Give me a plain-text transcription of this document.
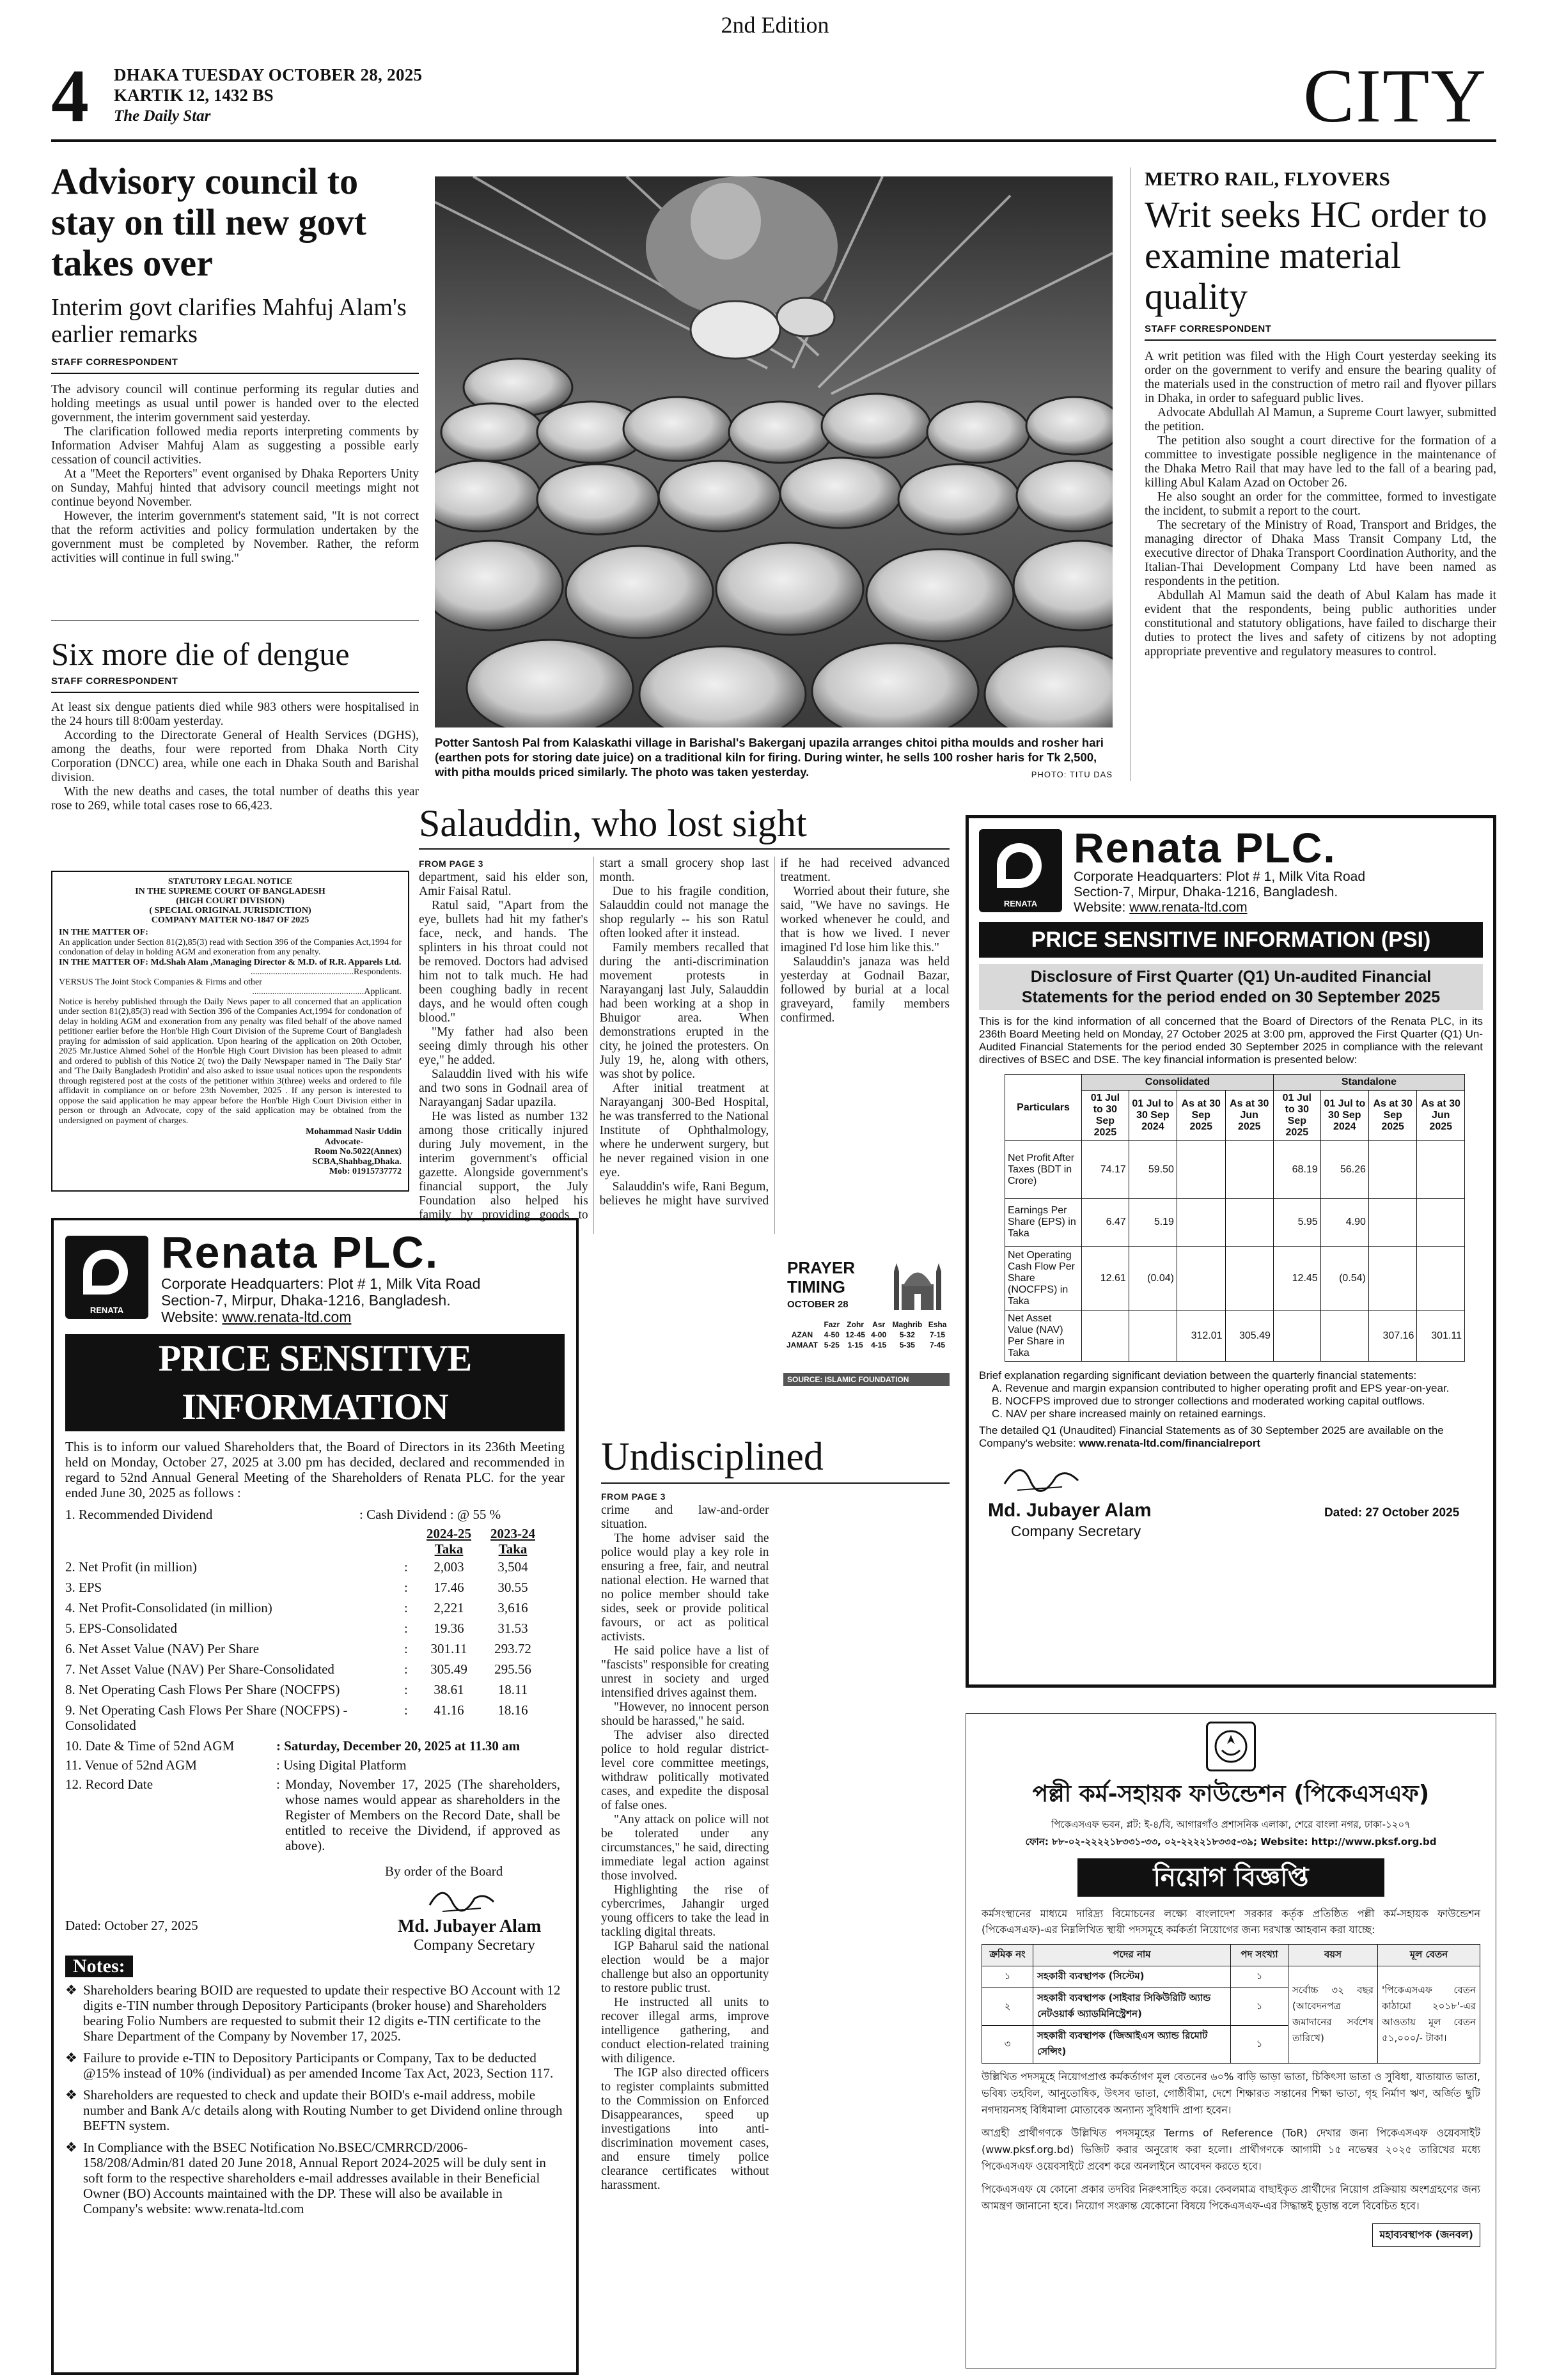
2nd Edition
4 DHAKA TUESDAY OCTOBER 28, 2025
KARTIK 12, 1432 BS
The Daily Star	CITY
Advisory council to stay on till new govt takes over
Interim govt clarifies Mahfuj Alam's earlier remarks
STAFF CORRESPONDENT

The advisory council will continue performing its regular duties and holding meetings as usual until power is handed over to the elected government, the interim government said yesterday.

The clarification followed media reports interpreting comments by Information Adviser Mahfuj Alam as suggesting a possible early cessation of council activities.

At a "Meet the Reporters" event organised by Dhaka Reporters Unity on Sunday, Mahfuj hinted that advisory council meetings might not continue beyond November.

However, the interim government's statement said, "It is not correct that the reform activities and policy formulation undertaken by the government must be completed by November. Rather, the reform activities will continue in full swing."

Six more die of dengue
STAFF CORRESPONDENT

At least six dengue patients died while 983 others were hospitalised in the 24 hours till 8:00am yesterday.

According to the Directorate General of Health Services (DGHS), among the deaths, four were reported from Dhaka North City Corporation (DNCC) area, while one each in Dhaka South and Barishal division.

With the new deaths and cases, the total number of deaths this year rose to 269, while total cases rose to 66,423.

Potter Santosh Pal from Kalaskathi village in Barishal's Bakerganj upazila arranges chitoi pitha moulds and rosher hari (earthen pots for storing date juice) on a traditional kiln for firing. During winter, he sells 100 rosher haris for Tk 2,500, with pitha moulds priced similarly. The photo was taken yesterday.	PHOTO: TITU DAS
METRO RAIL, FLYOVERS
Writ seeks HC order to examine material quality
STAFF CORRESPONDENT

A writ petition was filed with the High Court yesterday seeking its order on the government to verify and ensure the bearing quality of the materials used in the construction of metro rail and flyover pillars in Dhaka, in order to safeguard public lives.

Advocate Abdullah Al Mamun, a Supreme Court lawyer, submitted the petition.

The petition also sought a court directive for the formation of a committee to investigate possible negligence in the maintenance of the Dhaka Metro Rail that may have led to the fall of a bearing pad, killing Abul Kalam Azad on October 26.

He also sought an order for the committee, formed to investigate the incident, to submit a report to the court.

The secretary of the Ministry of Road, Transport and Bridges, the managing director of Dhaka Mass Transit Company Ltd, the executive director of Dhaka Transport Coordination Authority, and the Italian-Thai Development Company Ltd have been named as respondents in the petition.

Abdullah Al Mamun said the death of Abul Kalam has made it evident that the respondents, being public authorities under constitutional and statutory obligations, have failed to discharge their duties to protect the lives and safety of citizens by not adopting appropriate preventive and regulatory measures to control.

STATUTORY LEGAL NOTICE
IN THE SUPREME COURT OF BANGLADESH
(HIGH COURT DIVISION)
( SPECIAL ORIGINAL JURISDICTION)
COMPANY MATTER NO-1847 OF 2025
IN THE MATTER OF:
An application under Section 81(2),85(3) read with Section 396 of the Companies Act,1994 for condonation of delay in holding AGM and exoneration from any penalty.
IN THE MATTER OF: Md.Shah Alam ,Managing Director & M.D. of R.R. Apparels Ltd.
..............................................Respondents.
VERSUS The Joint Stock Companies & Firms and other
..................................................Applicant.
Notice is hereby published through the Daily News paper to all concerned that an application under section 81(2),85(3) read with Section 396 of the Companies Act,1994 for condonation of delay in holding AGM and exoneration from any penalty was filed behalf of the above named petitioner earlier before the Hon'ble High Court Division of the Supreme Court of Bangladesh praying for admission of said application. Upon hearing of the application on 20th October, 2025 Mr.Justice Ahmed Sohel of the Hon'ble High Court Division has been pleased to admit and ordered to publish of this Notice 2( two) the Daily Newspaper named in 'The Daily Star' and 'The Daily Bangladesh Protidin' and also asked to issue usual notices upon the respondents through registered post at the costs of the petitioner within 3(three) weeks and ordered to file affidavit in compliance on or before 23th November, 2025 . If any person is interested to oppose the said application he may appear before the Hon'ble High Court Division either in person or through an Advocate, copy of the said application may be obtained from the undersigned on payment of charges.
Mohammad Nasir Uddin
Advocate-
Room No.5022(Annex)
SCBA,Shahbag,Dhaka.
Mob: 01915737772
Salauddin, who lost sight

FROM PAGE 3

department, said his elder son, Amir Faisal Ratul.

Ratul said, "Apart from the eye, bullets had hit my father's face, neck, and hands. The splinters in his throat could not be removed. Doctors had advised him not to talk much. He had been coughing badly in recent days, and he would often cough blood."

"My father had also been seeing dimly through his other eye," he added.

Salauddin lived with his wife and two sons in Godnail area of Narayanganj Sadar upazila.

He was listed as number 132 among those critically injured during July movement, in the interim government's official gazette. Alongside government's financial support, the July Foundation also helped his family by providing goods to start a small grocery shop last month.

Due to his fragile condition, Salauddin could not manage the shop regularly -- his son Ratul often looked after it instead.

Family members recalled that during the anti-discrimination movement protests in Narayanganj last July, Salauddin had been working at a shop in Bhuigor area. When demonstrations erupted in the city, he joined the protesters. On July 19, he, along with others, was shot by police.

After initial treatment at Narayanganj 300-Bed Hospital, he was transferred to the National Institute of Ophthalmology, where he underwent surgery, but he never regained vision in one eye.

Salauddin's wife, Rani Begum, believes he might have survived if he had received advanced treatment.

Worried about their future, she said, "We have no savings. He worked whenever he could, and that is how we lived. I never imagined I'd lose him like this."

Salauddin's janaza was held yesterday at Godnail Bazar, followed by burial at a local graveyard, family members confirmed.

PRAYER
TIMING
OCTOBER 28
	Fazr	Zohr	Asr	Maghrib	Esha
AZAN	4-50	12-45	4-00	5-32	7-15
JAMAAT	5-25	1-15	4-15	5-35	7-45
SOURCE: ISLAMIC FOUNDATION
Undisciplined

FROM PAGE 3

crime and law-and-order situation.

The home adviser said the police would play a key role in ensuring a free, fair, and neutral national election. He warned that no police member should take sides, seek or provide political favours, or act as political activists.

He said police have a list of "fascists" responsible for creating unrest in society and urged intensified drives against them.

"However, no innocent person should be harassed," he said.

The adviser also directed police to hold regular district-level core committee meetings, withdraw politically motivated cases, and expedite the disposal of false ones.

"Any attack on police will not be tolerated under any circumstances," he said, directing immediate legal action against those involved.

Highlighting the rise of cybercrimes, Jahangir urged young officers to take the lead in tackling digital threats.

IGP Baharul said the national election would be a major challenge but also an opportunity to restore public trust.

He instructed all units to recover illegal arms, improve intelligence gathering, and conduct election-related training with diligence.

The IGP also directed officers to register complaints submitted to the Commission on Enforced Disappearances, speed up investigations into anti-discrimination movement cases, and ensure timely police clearance certificates without harassment.

RENATA
Renata PLC.
Corporate Headquarters: Plot # 1, Milk Vita Road
Section-7, Mirpur, Dhaka-1216, Bangladesh.
Website: www.renata-ltd.com
PRICE SENSITIVE INFORMATION
This is to inform our valued Shareholders that, the Board of Directors in its 236th Meeting held on Monday, October 27, 2025 at 3.00 pm has decided, declared and recommended in regard to 52nd Annual General Meeting of the Shareholders of Renata PLC. for the year ended June 30, 2025 as follows :
1. Recommended Dividend	: Cash Dividend : @ 55 %
2024-25
Taka
2023-24
Taka
2. Net Profit (in million)	:	2,003	3,504
3. EPS	:	17.46	30.55
4. Net Profit-Consolidated (in million)	:	2,221	3,616
5. EPS-Consolidated	:	19.36	31.53
6. Net Asset Value (NAV) Per Share	:	301.11	293.72
7. Net Asset Value (NAV) Per Share-Consolidated	:	305.49	295.56
8. Net Operating Cash Flows Per Share (NOCFPS)	:	38.61	18.11
9. Net Operating Cash Flows Per Share (NOCFPS) -Consolidated
:	41.16	18.16
10. Date & Time of 52nd AGM	: Saturday, December 20, 2025 at 11.30 am
11. Venue of 52nd AGM	: Using Digital Platform
12. Record Date	: Monday, November 17, 2025 (The shareholders, whose names would appear as shareholders in the Register of Members on the Record Date, shall be entitled to receive the Dividend, if approved as above).
By order of the Board
Dated: October 27, 2025	Md. Jubayer Alam
Company Secretary
Notes:
❖ Shareholders bearing BOID are requested to update their respective BO Account with 12 digits e-TIN number through Depository Participants (broker house) and Shareholders bearing Folio Numbers are requested to submit their 12 digits e-TIN certificate to the Share Department of the Company by November 17, 2025.
❖ Failure to provide e-TIN to Depository Participants or Company, Tax to be deducted @15% instead of 10% (individual) as per amended Income Tax Act, 2023, Section 117.
❖ Shareholders are requested to check and update their BOID's e-mail address, mobile number and Bank A/c details along with Routing Number to get Dividend online through BEFTN system.
❖ In Compliance with the BSEC Notification No.BSEC/CMRRCD/2006-158/208/Admin/81 dated 20 June 2018, Annual Report 2024-2025 will be duly sent in soft form to the respective shareholders e-mail addresses available in their Beneficial Owner (BO) Accounts maintained with the DP. These will also be available in Company's website: www.renata-ltd.com
RENATA
Renata PLC.
Corporate Headquarters: Plot # 1, Milk Vita Road
Section-7, Mirpur, Dhaka-1216, Bangladesh.
Website: www.renata-ltd.com
PRICE SENSITIVE INFORMATION (PSI)
Disclosure of First Quarter (Q1) Un-audited Financial
Statements for the period ended on 30 September 2025
This is for the kind information of all concerned that the Board of Directors of the Renata PLC, in its 236th Board Meeting held on Monday, 27 October 2025 at 3:00 pm, approved the First Quarter (Q1) Un-Audited Financial Statements for the period ended 30 September 2025 in compliance with the relevant directives of BSEC and DSE. The key financial information is presented below:
Particulars	Consolidated				Standalone			
	01 Jul to 30 Sep 2025	01 Jul to 30 Sep 2024	As at 30 Sep 2025	As at 30 Jun 2025	01 Jul to 30 Sep 2025	01 Jul to 30 Sep 2024	As at 30 Sep 2025	As at 30 Jun 2025
Net Profit After Taxes (BDT in Crore)	74.17	59.50			68.19	56.26		
Earnings Per Share (EPS) in Taka	6.47	5.19			5.95	4.90		
Net Operating Cash Flow Per Share (NOCFPS) in Taka	12.61	(0.04)			12.45	(0.54)		
Net Asset Value (NAV) Per Share in Taka			312.01	305.49			307.16	301.11
Brief explanation regarding significant deviation between the quarterly financial statements:
A. Revenue and margin expansion contributed to higher operating profit and EPS year-on-year.
B. NOCFPS improved due to stronger collections and moderated working capital outflows.
C. NAV per share increased mainly on retained earnings.
The detailed Q1 (Unaudited) Financial Statements as of 30 September 2025 are available on the Company's website: www.renata-ltd.com/financialreport
Md. Jubayer Alam
Company Secretary
Dated: 27 October 2025
পল্লী কর্ম-সহায়ক ফাউন্ডেশন (পিকেএসএফ)
পিকেএসএফ ভবন, প্লট: ই-৪/বি, আগারগাঁও প্রশাসনিক এলাকা, শেরে বাংলা নগর, ঢাকা-১২০৭
ফোন: ৮৮-০২-২২২২১৮৩৩১-৩৩, ০২-২২২২১৮৩৩৫-৩৯; Website: http://www.pksf.org.bd
নিয়োগ বিজ্ঞপ্তি
কর্মসংস্থানের মাধ্যমে দারিদ্র্য বিমোচনের লক্ষ্যে বাংলাদেশ সরকার কর্তৃক প্রতিষ্ঠিত পল্লী কর্ম-সহায়ক ফাউন্ডেশন (পিকেএসএফ)-এর নিম্নলিখিত স্থায়ী পদসমূহে কর্মকর্তা নিয়োগের জন্য দরখাস্ত আহবান করা যাচ্ছে:
ক্রমিক নং	পদের নাম	পদ সংখ্যা	বয়স	মূল বেতন
১	সহকারী ব্যবস্থাপক (সিস্টেম)	১	সর্বোচ্চ ৩২ বছর (আবেদনপত্র জমাদানের সর্বশেষ তারিখে)	'পিকেএসএফ বেতন কাঠামো ২০১৮'-এর আওতায় মূল বেতন ৫১,০০০/- টাকা।
২	সহকারী ব্যবস্থাপক (সাইবার সিকিউরিটি অ্যান্ড নেটওয়ার্ক অ্যাডমিনিস্ট্রেশন)	১		
৩	সহকারী ব্যবস্থাপক (জিআইএস অ্যান্ড রিমোট সেন্সিং)	১		
উল্লিখিত পদসমূহে নিয়োগপ্রাপ্ত কর্মকর্তাগণ মূল বেতনের ৬০% বাড়ি ভাড়া ভাতা, চিকিৎসা ভাতা ও সুবিধা, যাতায়াত ভাতা, ভবিষ্য তহবিল, আনুতোষিক, উৎসব ভাতা, গোষ্ঠীবীমা, দেশে শিক্ষারত সন্তানের শিক্ষা ভাতা, গৃহ নির্মাণ ঋণ, অর্জিত ছুটি নগদায়নসহ বিধিমালা মোতাবেক অন্যান্য সুবিধাদি প্রাপ্য হবেন।
আগ্রহী প্রার্থীগণকে উল্লিখিত পদসমূহের Terms of Reference (ToR) দেখার জন্য পিকেএসএফ ওয়েবসাইট (www.pksf.org.bd) ভিজিট করার অনুরোধ করা হলো। প্রার্থীগণকে আগামী ১৫ নভেম্বর ২০২৫ তারিখের মধ্যে পিকেএসএফ ওয়েবসাইটে প্রবেশ করে অনলাইনে আবেদন করতে হবে।
পিকেএসএফ যে কোনো প্রকার তদবির নিরুৎসাহিত করে। কেবলমাত্র বাছাইকৃত প্রার্থীদের নিয়োগ প্রক্রিয়ায় অংশগ্রহণের জন্য আমন্ত্রণ জানানো হবে। নিয়োগ সংক্রান্ত যেকোনো বিষয়ে পিকেএসএফ-এর সিদ্ধান্তই চূড়ান্ত বলে বিবেচিত হবে।
মহাব্যবস্থাপক (জনবল)
